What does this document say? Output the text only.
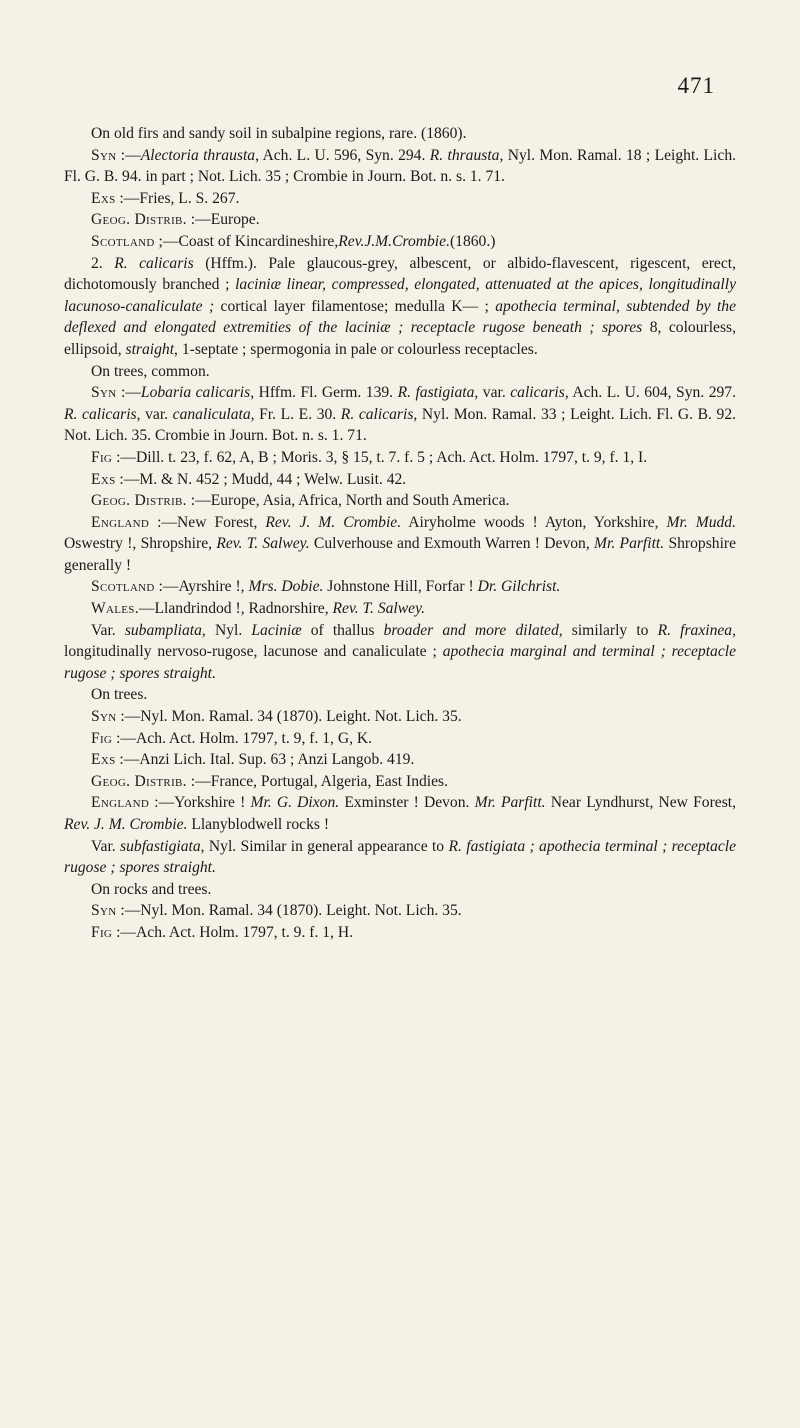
471

On old firs and sandy soil in subalpine regions, rare. (1860).

Syn :—Alectoria thrausta, Ach. L. U. 596, Syn. 294. R. thrausta, Nyl. Mon. Ramal. 18 ; Leight. Lich. Fl. G. B. 94. in part ; Not. Lich. 35 ; Crombie in Journ. Bot. n. s. 1. 71.

Exs :—Fries, L. S. 267.

Geog. Distrib. :—Europe.

Scotland ;—Coast of Kincardineshire,Rev.J.M.Crombie.(1860.)

2. R. calicaris (Hffm.). Pale glaucous-grey, albescent, or albido-flavescent, rigescent, erect, dichotomously branched ; laciniæ linear, compressed, elongated, attenuated at the apices, longitudinally lacunoso-canaliculate ; cortical layer filamentose; medulla K— ; apothecia terminal, subtended by the deflexed and elongated extremities of the laciniæ ; receptacle rugose beneath ; spores 8, colourless, ellipsoid, straight, 1-septate ; spermogonia in pale or colourless receptacles.

On trees, common.

Syn :—Lobaria calicaris, Hffm. Fl. Germ. 139. R. fastigiata, var. calicaris, Ach. L. U. 604, Syn. 297. R. calicaris, var. canaliculata, Fr. L. E. 30. R. calicaris, Nyl. Mon. Ramal. 33 ; Leight. Lich. Fl. G. B. 92. Not. Lich. 35. Crombie in Journ. Bot. n. s. 1. 71.

Fig :—Dill. t. 23, f. 62, A, B ; Moris. 3, § 15, t. 7. f. 5 ; Ach. Act. Holm. 1797, t. 9, f. 1, I.

Exs :—M. & N. 452 ; Mudd, 44 ; Welw. Lusit. 42.

Geog. Distrib. :—Europe, Asia, Africa, North and South America.

England :—New Forest, Rev. J. M. Crombie. Airyholme woods ! Ayton, Yorkshire, Mr. Mudd. Oswestry !, Shropshire, Rev. T. Salwey. Culverhouse and Exmouth Warren ! Devon, Mr. Parfitt. Shropshire generally !

Scotland :—Ayrshire !, Mrs. Dobie. Johnstone Hill, Forfar ! Dr. Gilchrist.

Wales.—Llandrindod !, Radnorshire, Rev. T. Salwey.

Var. subampliata, Nyl. Laciniæ of thallus broader and more dilated, similarly to R. fraxinea, longitudinally nervoso-rugose, lacunose and canaliculate ; apothecia marginal and terminal ; receptacle rugose ; spores straight.

On trees.

Syn :—Nyl. Mon. Ramal. 34 (1870). Leight. Not. Lich. 35.

Fig :—Ach. Act. Holm. 1797, t. 9, f. 1, G, K.

Exs :—Anzi Lich. Ital. Sup. 63 ; Anzi Langob. 419.

Geog. Distrib. :—France, Portugal, Algeria, East Indies.

England :—Yorkshire ! Mr. G. Dixon. Exminster ! Devon. Mr. Parfitt. Near Lyndhurst, New Forest, Rev. J. M. Crombie. Llanyblodwell rocks !

Var. subfastigiata, Nyl. Similar in general appearance to R. fastigiata ; apothecia terminal ; receptacle rugose ; spores straight.

On rocks and trees.

Syn :—Nyl. Mon. Ramal. 34 (1870). Leight. Not. Lich. 35.

Fig :—Ach. Act. Holm. 1797, t. 9. f. 1, H.
